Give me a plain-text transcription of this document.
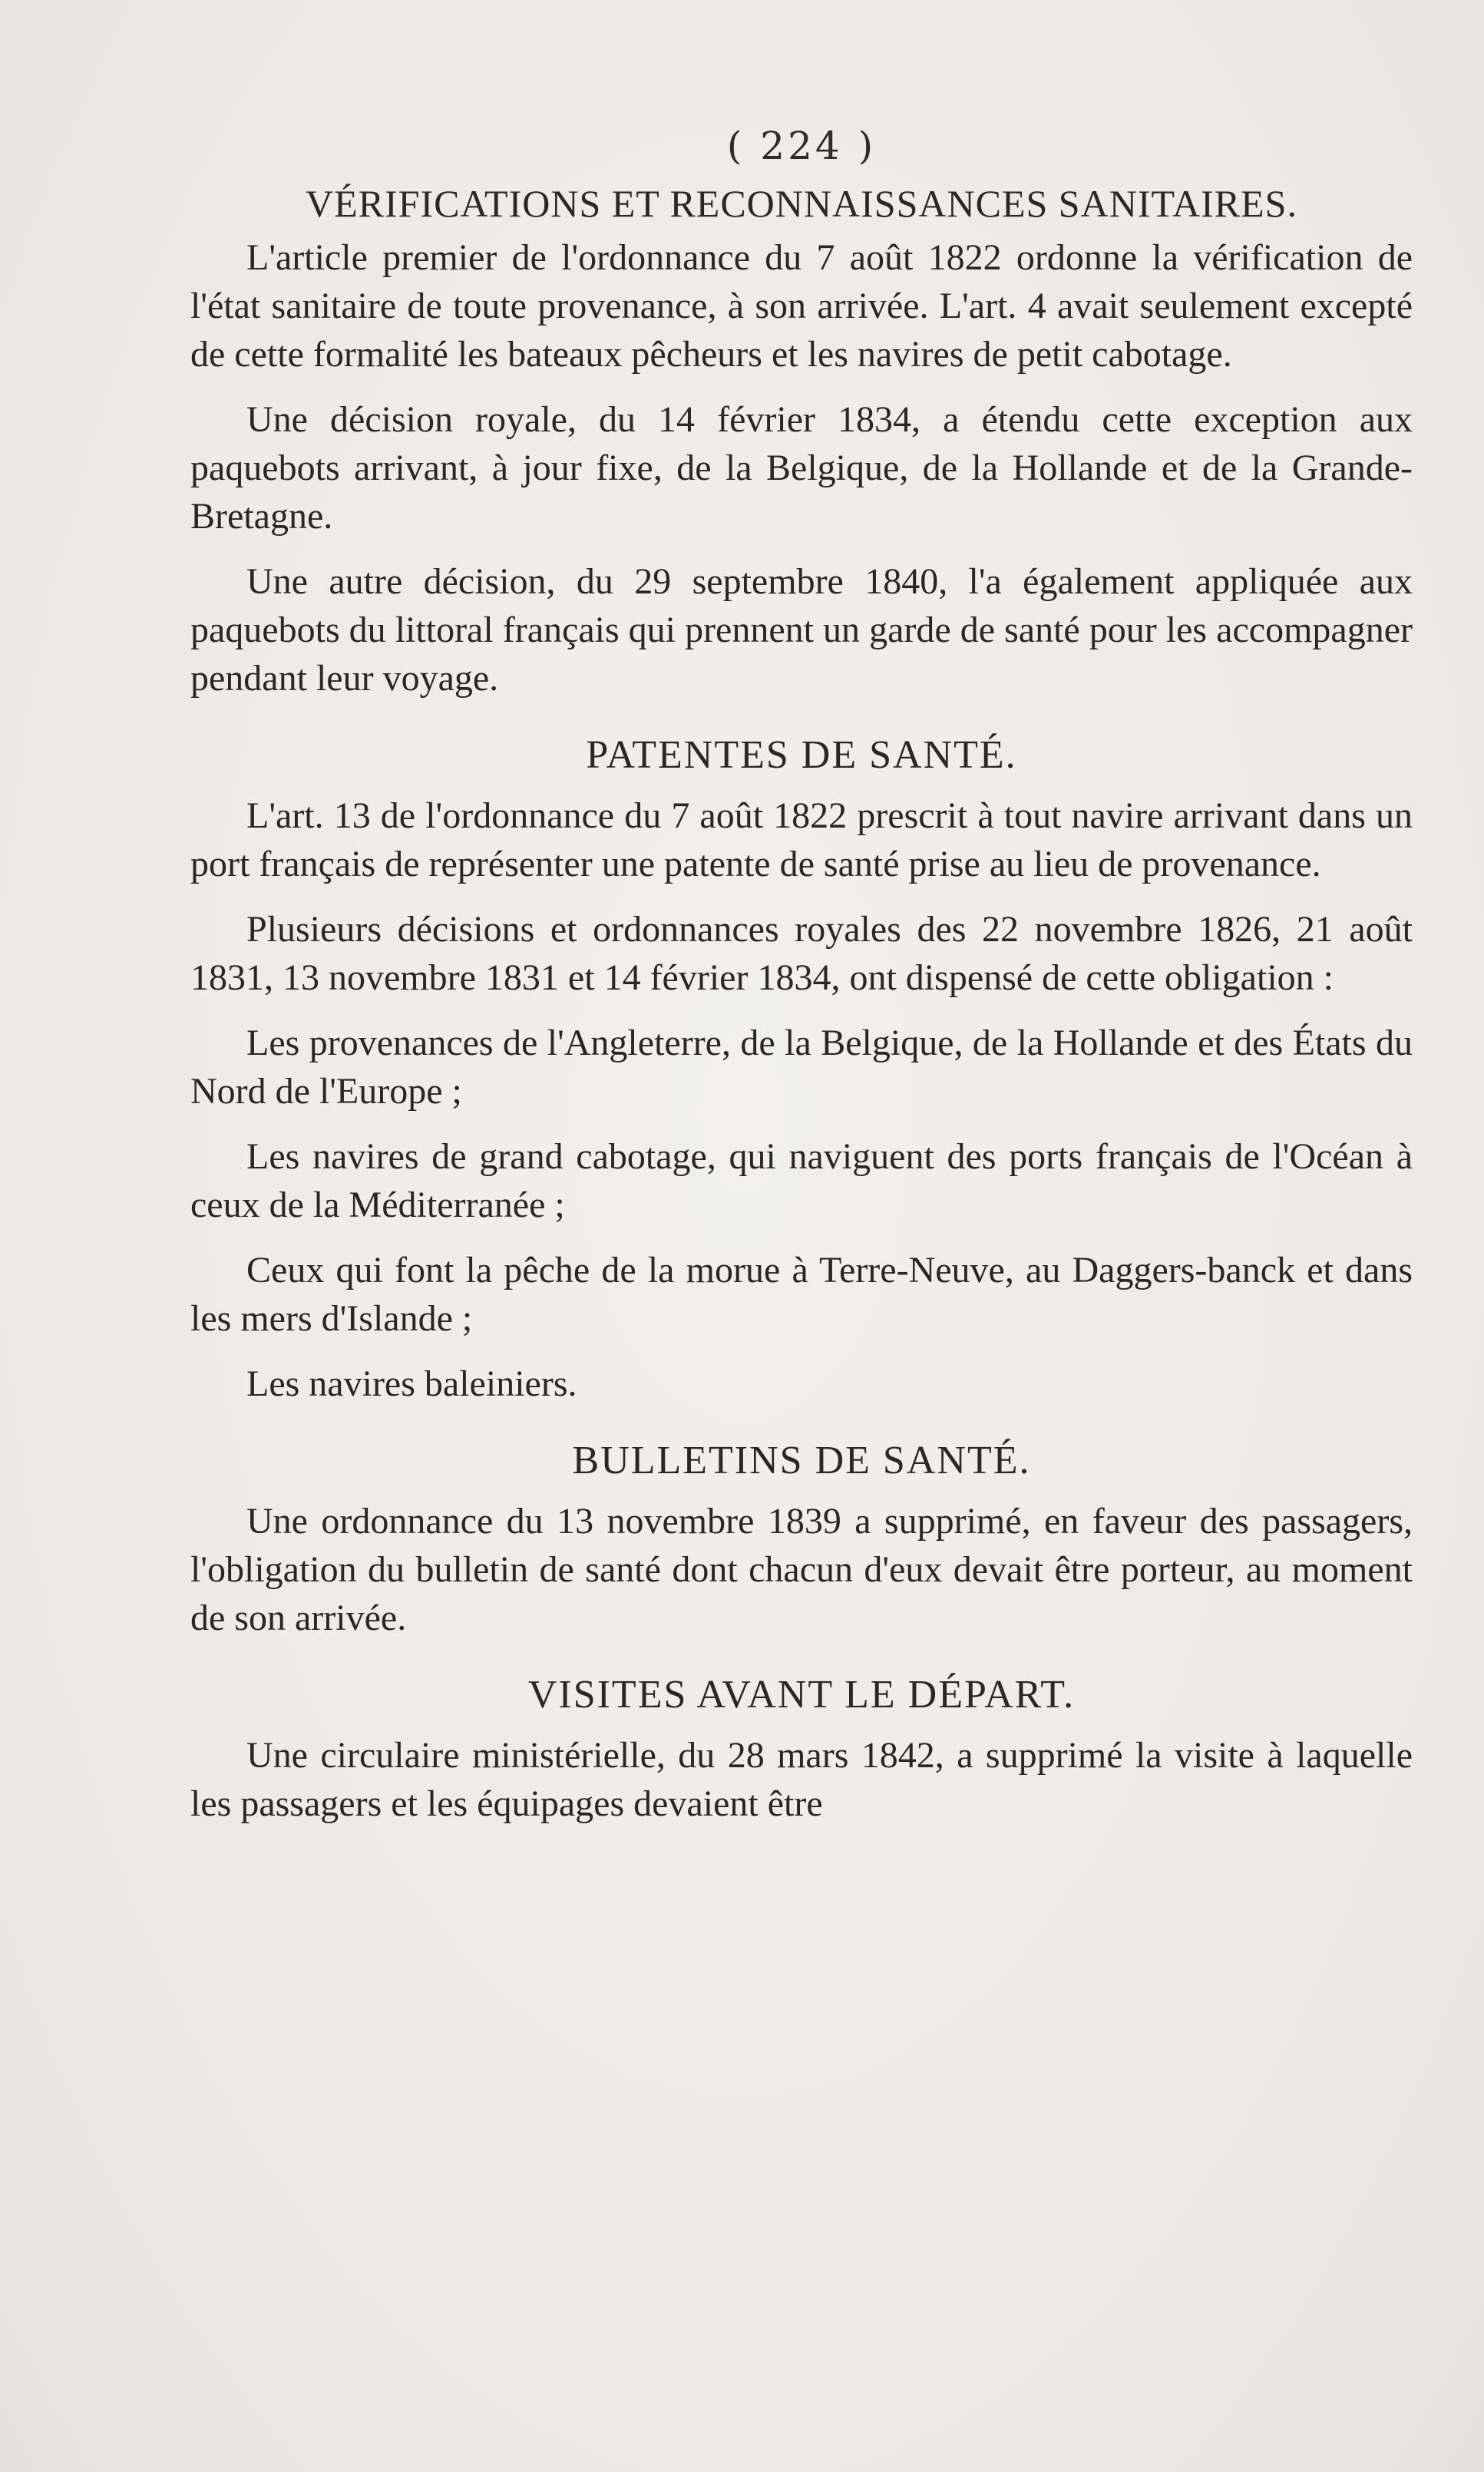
( 224 )
VÉRIFICATIONS ET RECONNAISSANCES SANITAIRES.

L'article premier de l'ordonnance du 7 août 1822 ordonne la vérification de l'état sanitaire de toute provenance, à son arrivée. L'art. 4 avait seulement excepté de cette formalité les bateaux pêcheurs et les navires de petit cabotage.

Une décision royale, du 14 février 1834, a étendu cette exception aux paquebots arrivant, à jour fixe, de la Belgique, de la Hollande et de la Grande-Bretagne.

Une autre décision, du 29 septembre 1840, l'a également appliquée aux paquebots du littoral français qui prennent un garde de santé pour les accompagner pendant leur voyage.

PATENTES DE SANTÉ.

L'art. 13 de l'ordonnance du 7 août 1822 prescrit à tout navire arrivant dans un port français de représenter une patente de santé prise au lieu de provenance.

Plusieurs décisions et ordonnances royales des 22 novembre 1826, 21 août 1831, 13 novembre 1831 et 14 février 1834, ont dispensé de cette obligation :

Les provenances de l'Angleterre, de la Belgique, de la Hollande et des États du Nord de l'Europe ;

Les navires de grand cabotage, qui naviguent des ports français de l'Océan à ceux de la Méditerranée ;

Ceux qui font la pêche de la morue à Terre-Neuve, au Daggers-banck et dans les mers d'Islande ;

Les navires baleiniers.

BULLETINS DE SANTÉ.

Une ordonnance du 13 novembre 1839 a supprimé, en faveur des passagers, l'obligation du bulletin de santé dont chacun d'eux devait être porteur, au moment de son arrivée.

VISITES AVANT LE DÉPART.

Une circulaire ministérielle, du 28 mars 1842, a supprimé la visite à laquelle les passagers et les équipages devaient être
